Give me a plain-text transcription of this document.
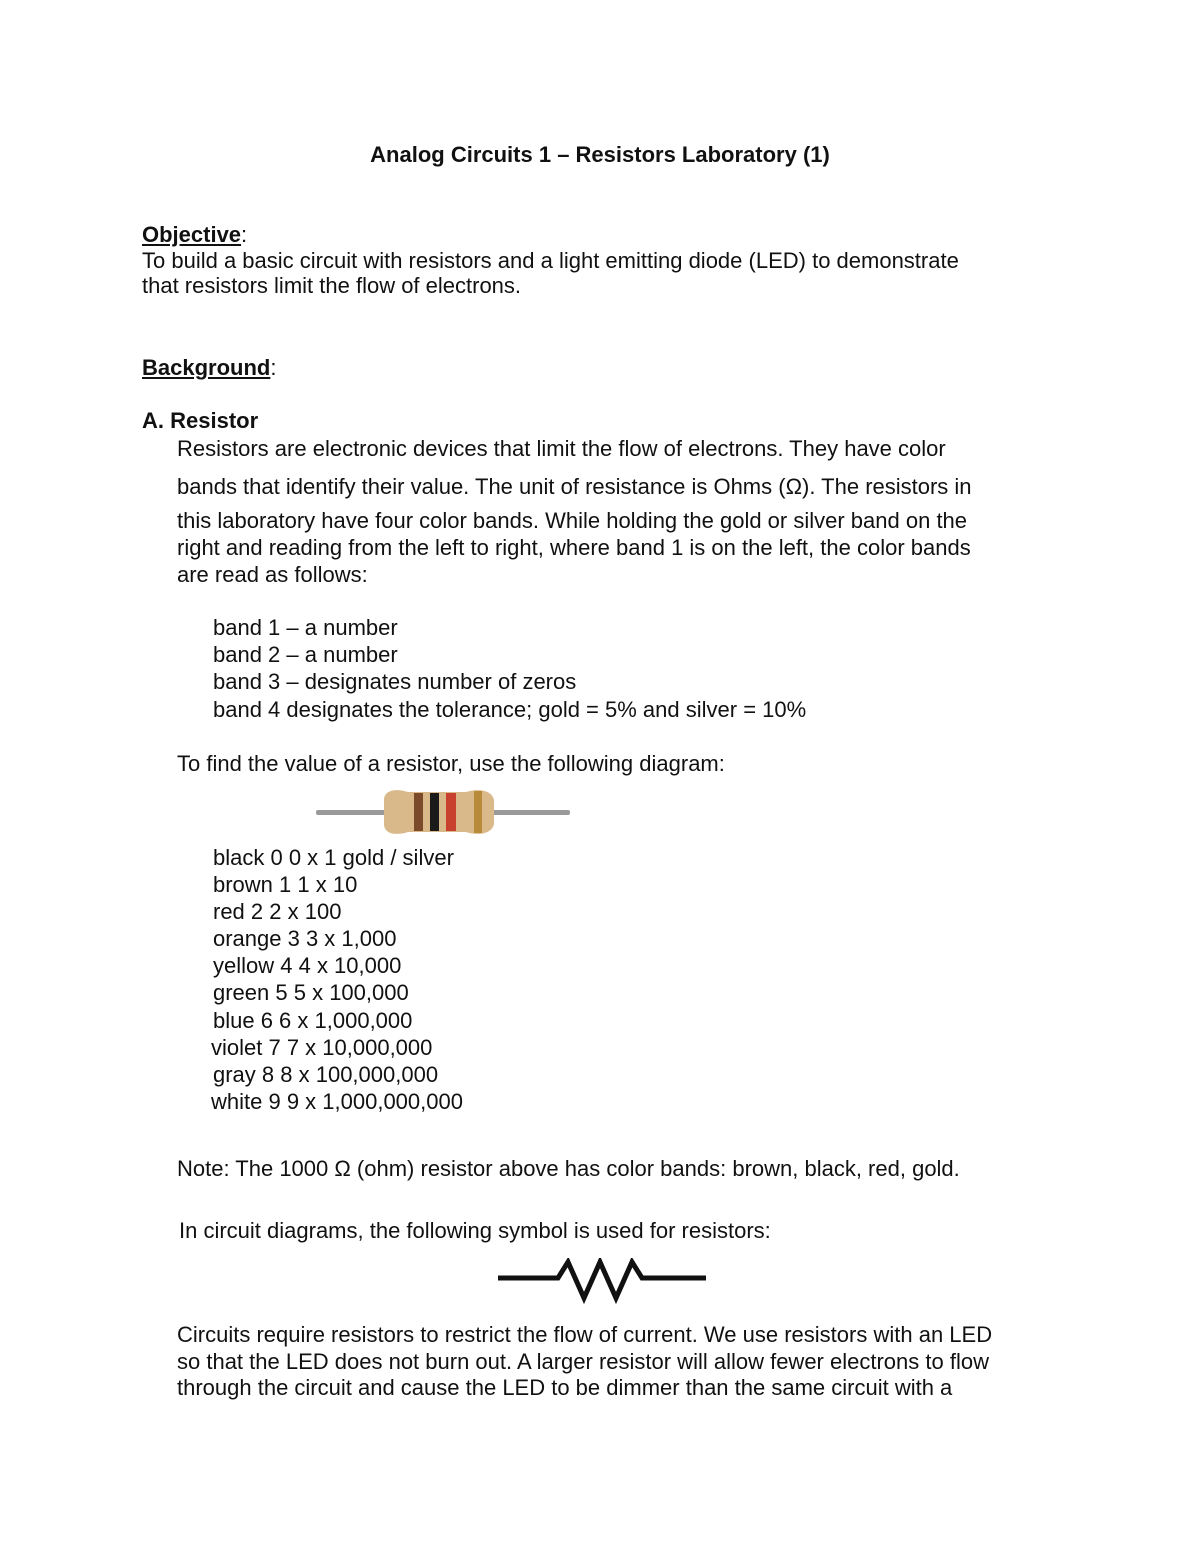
Analog Circuits 1 – Resistors Laboratory (1)
Objective:
To build a basic circuit with resistors and a light emitting diode (LED) to demonstrate
that resistors limit the flow of electrons.
Background:
A. Resistor
Resistors are electronic devices that limit the flow of electrons. They have color
bands that identify their value. The unit of resistance is Ohms (Ω). The resistors in
this laboratory have four color bands. While holding the gold or silver band on the
right and reading from the left to right, where band 1 is on the left, the color bands
are read as follows:
band 1 – a number
band 2 – a number
band 3 – designates number of zeros
band 4 designates the tolerance; gold = 5% and silver = 10%
To find the value of a resistor, use the following diagram:
black 0 0 x 1 gold / silver
brown 1 1 x 10
red 2 2 x 100
orange 3 3 x 1,000
yellow 4 4 x 10,000
green 5 5 x 100,000
blue 6 6 x 1,000,000
violet 7 7 x 10,000,000
gray 8 8 x 100,000,000
white 9 9 x 1,000,000,000
Note: The 1000 Ω (ohm) resistor above has color bands: brown, black, red, gold.
In circuit diagrams, the following symbol is used for resistors:
Circuits require resistors to restrict the flow of current. We use resistors with an LED
so that the LED does not burn out. A larger resistor will allow fewer electrons to flow
through the circuit and cause the LED to be dimmer than the same circuit with a
